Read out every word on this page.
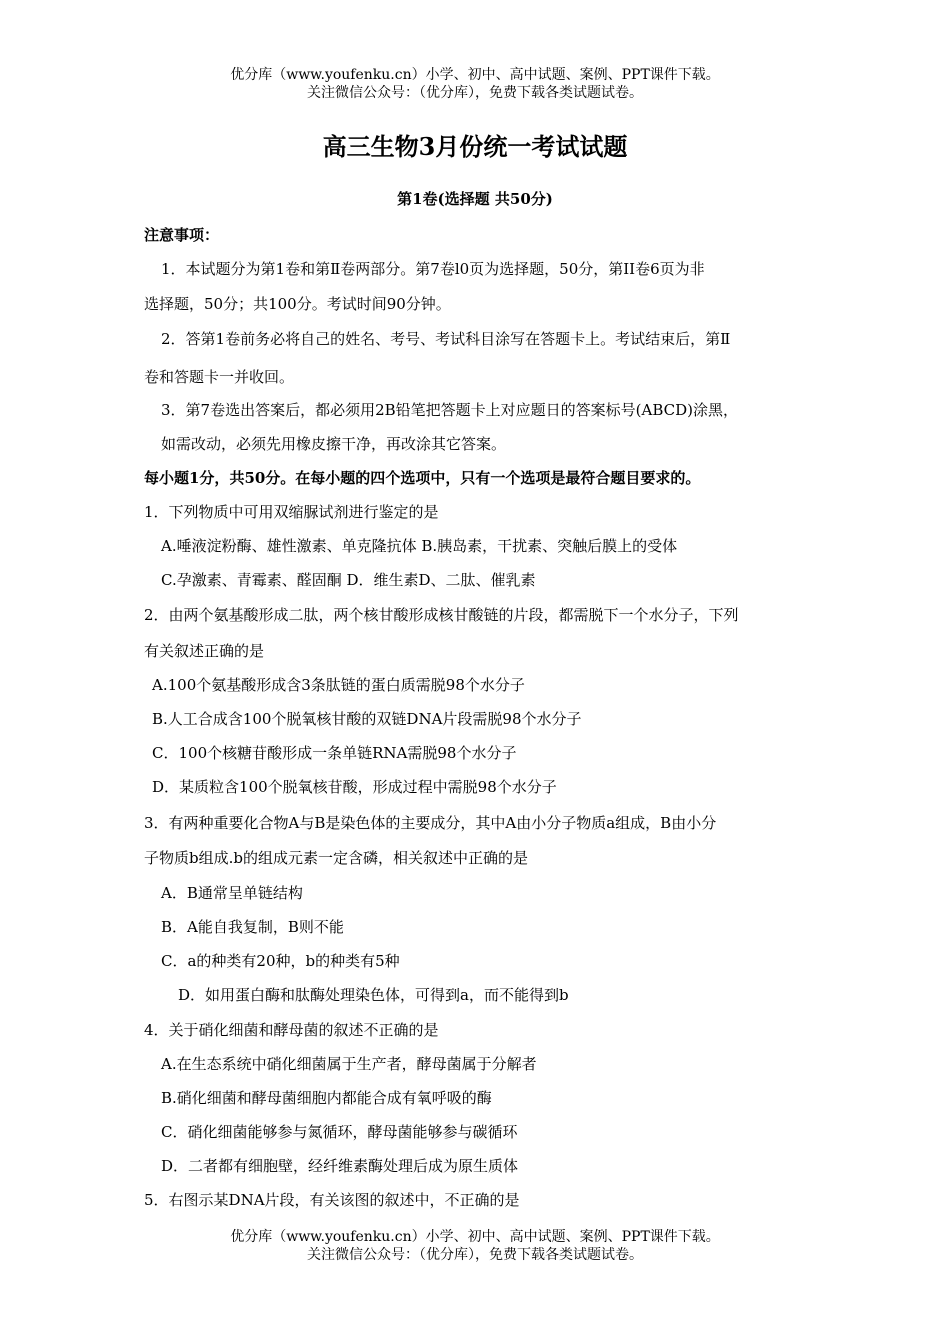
优分库（www.youfenku.cn）小学、初中、高中试题、案例、PPT课件下载。
关注微信公众号：（优分库），免费下载各类试题试卷。
高三生物3月份统一考试试题
第1卷(选择题 共50分)
注意事项：
1．本试题分为第1卷和第Ⅱ卷两部分。第7卷l0页为选择题，50分，第II卷6页为非
选择题，50分；共100分。考试时间90分钟。
2．答第1卷前务必将自己的姓名、考号、考试科目涂写在答题卡上。考试结束后，第Ⅱ
卷和答题卡一并收回。
3．第7卷选出答案后，都必须用2B铅笔把答题卡上对应题日的答案标号(ABCD)涂黑，
如需改动，必须先用橡皮擦干净，再改涂其它答案。
每小题1分，共50分。在每小题的四个选项中，只有一个选项是最符合题目要求的。
1．下列物质中可用双缩脲试剂进行鉴定的是
A.唾液淀粉酶、雄性激素、单克隆抗体 B.胰岛素，干扰素、突触后膜上的受体
C.孕激素、青霉素、醛固酮 D．维生素D、二肽、催乳素
2．由两个氨基酸形成二肽，两个核甘酸形成核甘酸链的片段，都需脱下一个水分子，下列
有关叙述正确的是
A.100个氨基酸形成含3条肽链的蛋白质需脱98个水分子
B.人工合成含100个脱氧核甘酸的双链DNA片段需脱98个水分子
C．100个核糖苷酸形成一条单链RNA需脱98个水分子
D．某质粒含100个脱氧核苷酸，形成过程中需脱98个水分子
3．有两种重要化合物A与B是染色体的主要成分，其中A由小分子物质a组成，B由小分
子物质b组成.b的组成元素一定含磷，相关叙述中正确的是
A．B通常呈单链结构
B．A能自我复制，B则不能
C．a的种类有20种，b的种类有5种
D．如用蛋白酶和肽酶处理染色体，可得到a，而不能得到b
4．关于硝化细菌和酵母菌的叙述不正确的是
A.在生态系统中硝化细菌属于生产者，酵母菌属于分解者
B.硝化细菌和酵母菌细胞内都能合成有氧呼吸的酶
C．硝化细菌能够参与氮循环，酵母菌能够参与碳循环
D．二者都有细胞壁，经纤维素酶处理后成为原生质体
5．右图示某DNA片段，有关该图的叙述中，不正确的是
优分库（www.youfenku.cn）小学、初中、高中试题、案例、PPT课件下载。
关注微信公众号：（优分库），免费下载各类试题试卷。
